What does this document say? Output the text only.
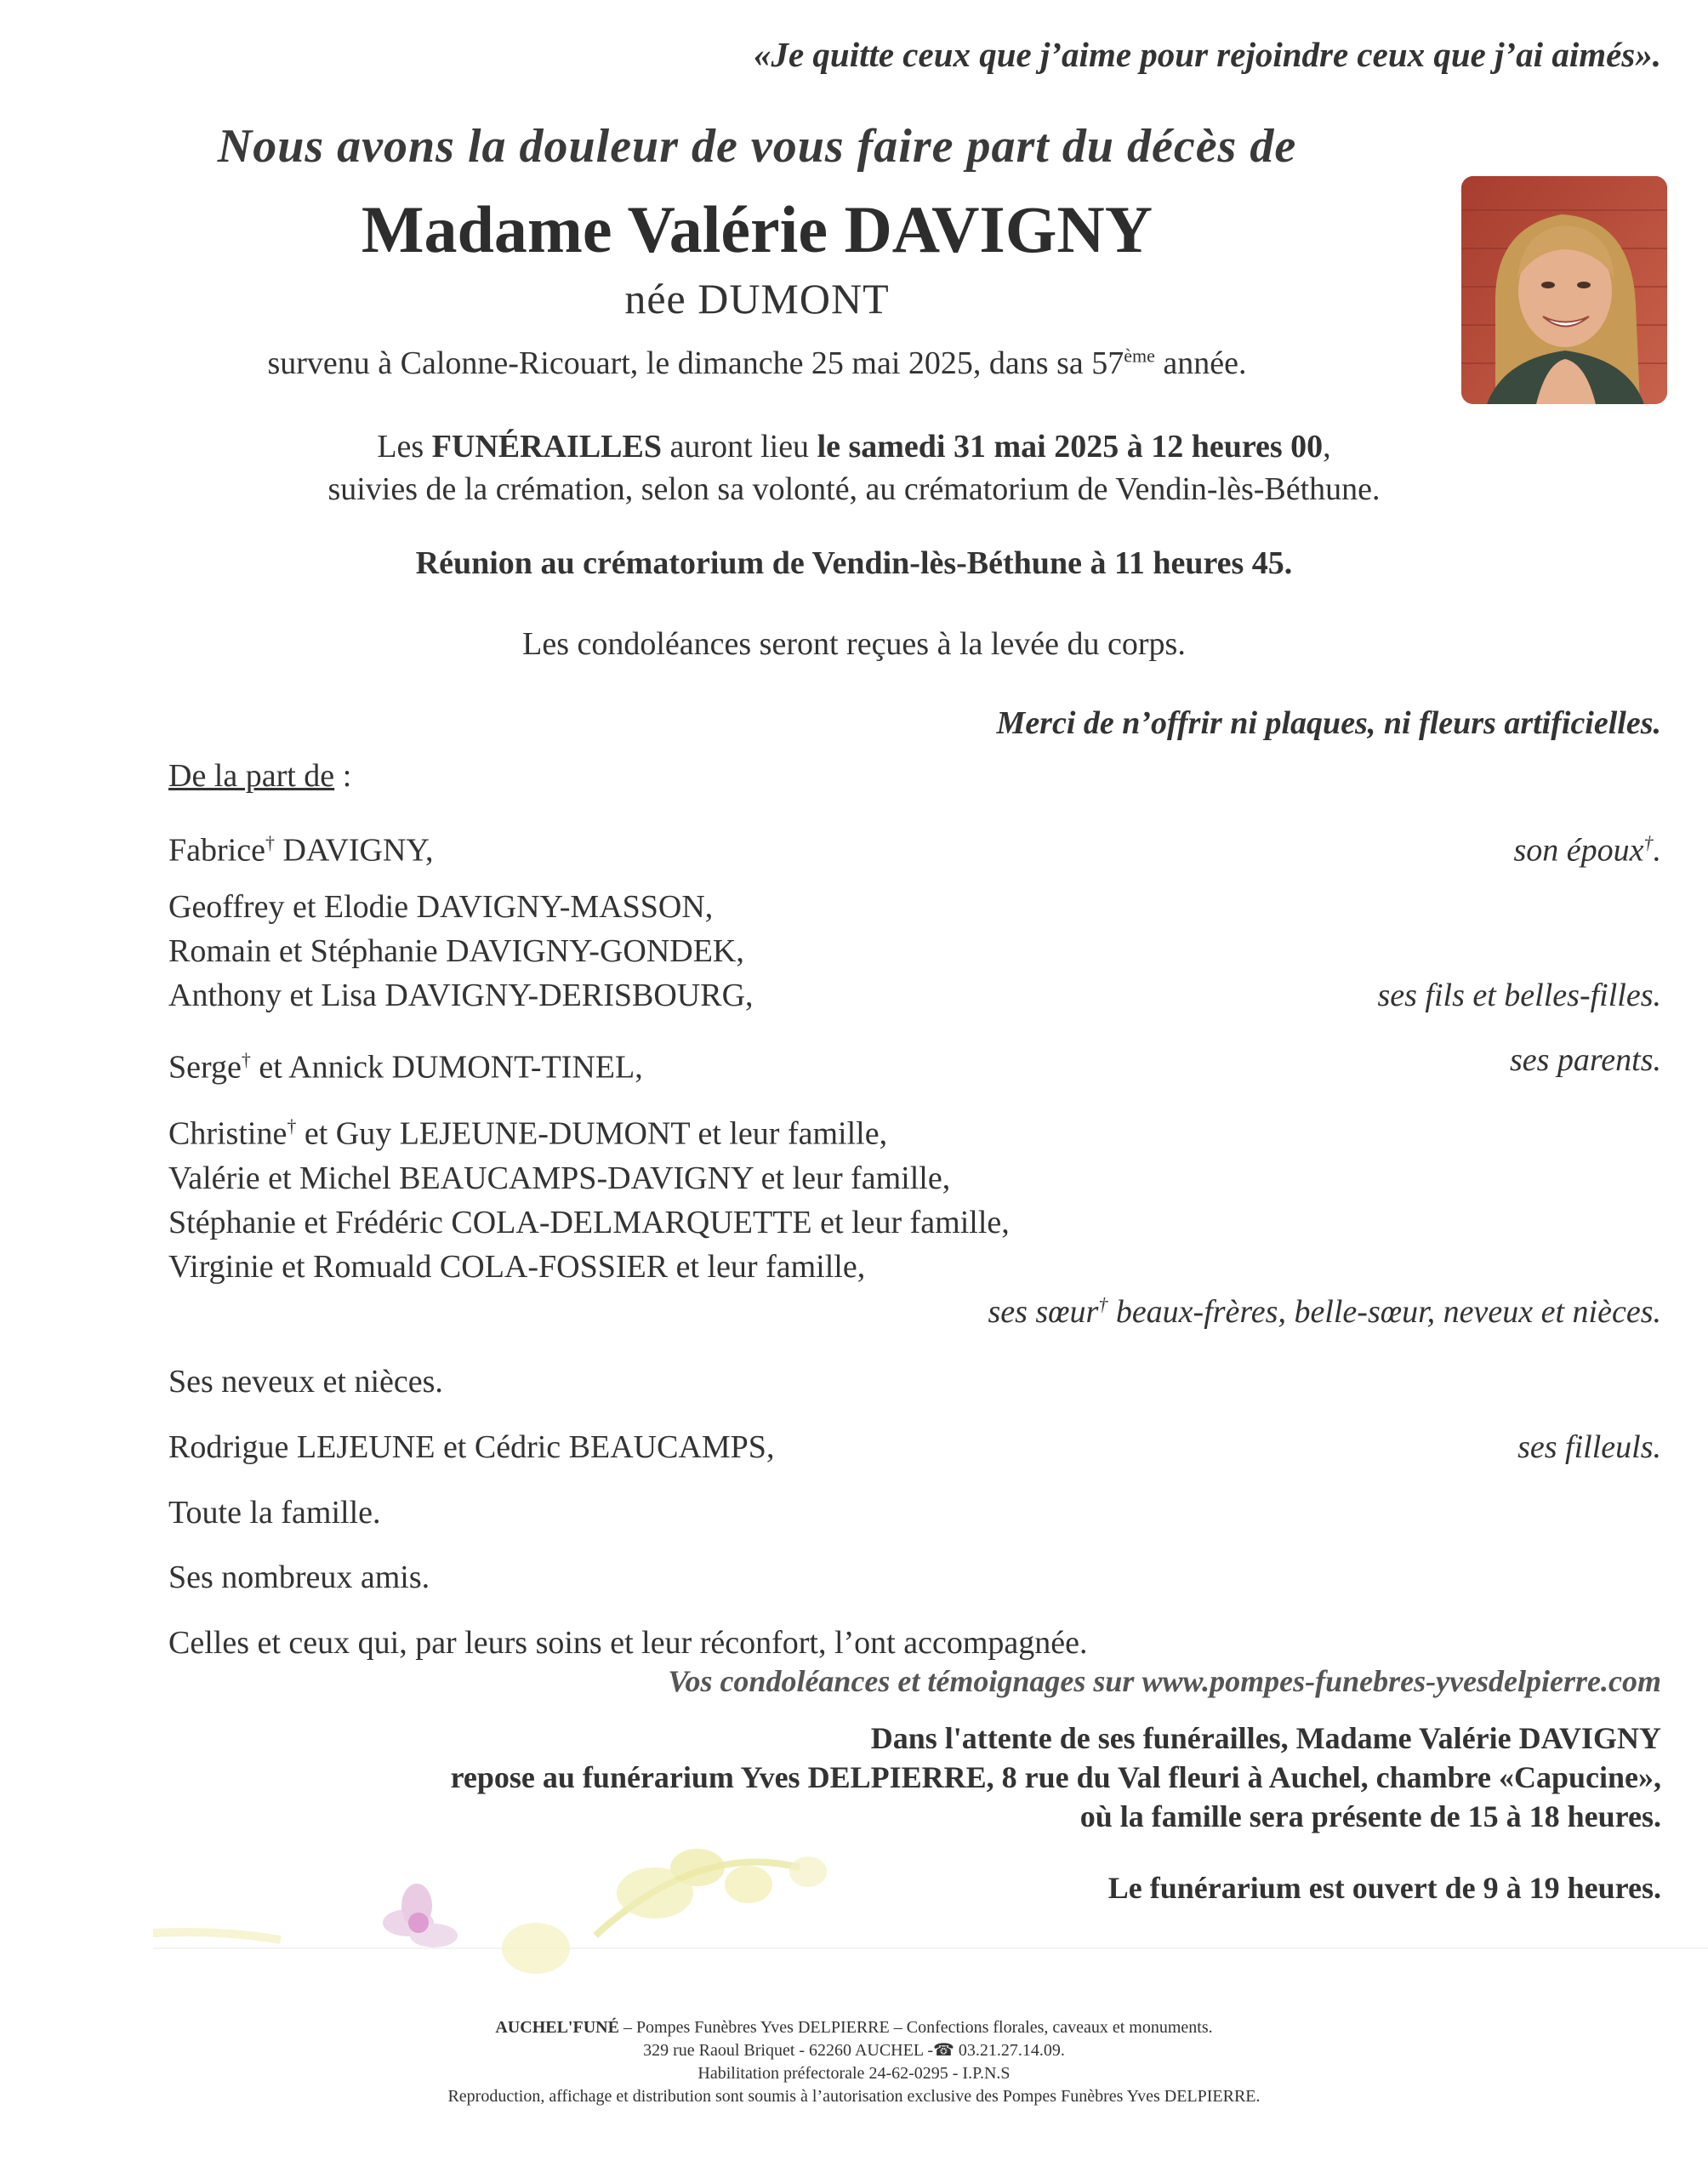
«Je quitte ceux que j’aime pour rejoindre ceux que j’ai aimés».
Nous avons la douleur de vous faire part du décès de
Madame Valérie DAVIGNY
née DUMONT
survenu à Calonne-Ricouart, le dimanche 25 mai 2025, dans sa 57ème année.
Les FUNÉRAILLES auront lieu le samedi 31 mai 2025 à 12 heures 00,
suivies de la crémation, selon sa volonté, au crématorium de Vendin-lès-Béthune.
Réunion au crématorium de Vendin-lès-Béthune à 11 heures 45.
Les condoléances seront reçues à la levée du corps.
Merci de n’offrir ni plaques, ni fleurs artificielles.
De la part de :
Fabrice† DAVIGNY,	son époux†.
Geoffrey et Elodie DAVIGNY-MASSON,
Romain et Stéphanie DAVIGNY-GONDEK,
Anthony et Lisa DAVIGNY-DERISBOURG,	ses fils et belles-filles.
Serge† et Annick DUMONT-TINEL,	ses parents.
Christine† et Guy LEJEUNE-DUMONT et leur famille,
Valérie et Michel BEAUCAMPS-DAVIGNY et leur famille,
Stéphanie et Frédéric COLA-DELMARQUETTE et leur famille,
Virginie et Romuald COLA-FOSSIER et leur famille,
ses sœur† beaux-frères, belle-sœur, neveux et nièces.
Ses neveux et nièces.
Rodrigue LEJEUNE et Cédric BEAUCAMPS,	ses filleuls.
Toute la famille.
Ses nombreux amis.
Celles et ceux qui, par leurs soins et leur réconfort, l’ont accompagnée.
Vos condoléances et témoignages sur www.pompes-funebres-yvesdelpierre.com
Dans l'attente de ses funérailles, Madame Valérie DAVIGNY
repose au funérarium Yves DELPIERRE, 8 rue du Val fleuri à Auchel, chambre «Capucine»,
où la famille sera présente de 15 à 18 heures.
Le funérarium est ouvert de 9 à 19 heures.
AUCHEL'FUNÉ – Pompes Funèbres Yves DELPIERRE – Confections florales, caveaux et monuments.
329 rue Raoul Briquet - 62260 AUCHEL -☎ 03.21.27.14.09.
Habilitation préfectorale 24-62-0295 - I.P.N.S
Reproduction, affichage et distribution sont soumis à l’autorisation exclusive des Pompes Funèbres Yves DELPIERRE.
